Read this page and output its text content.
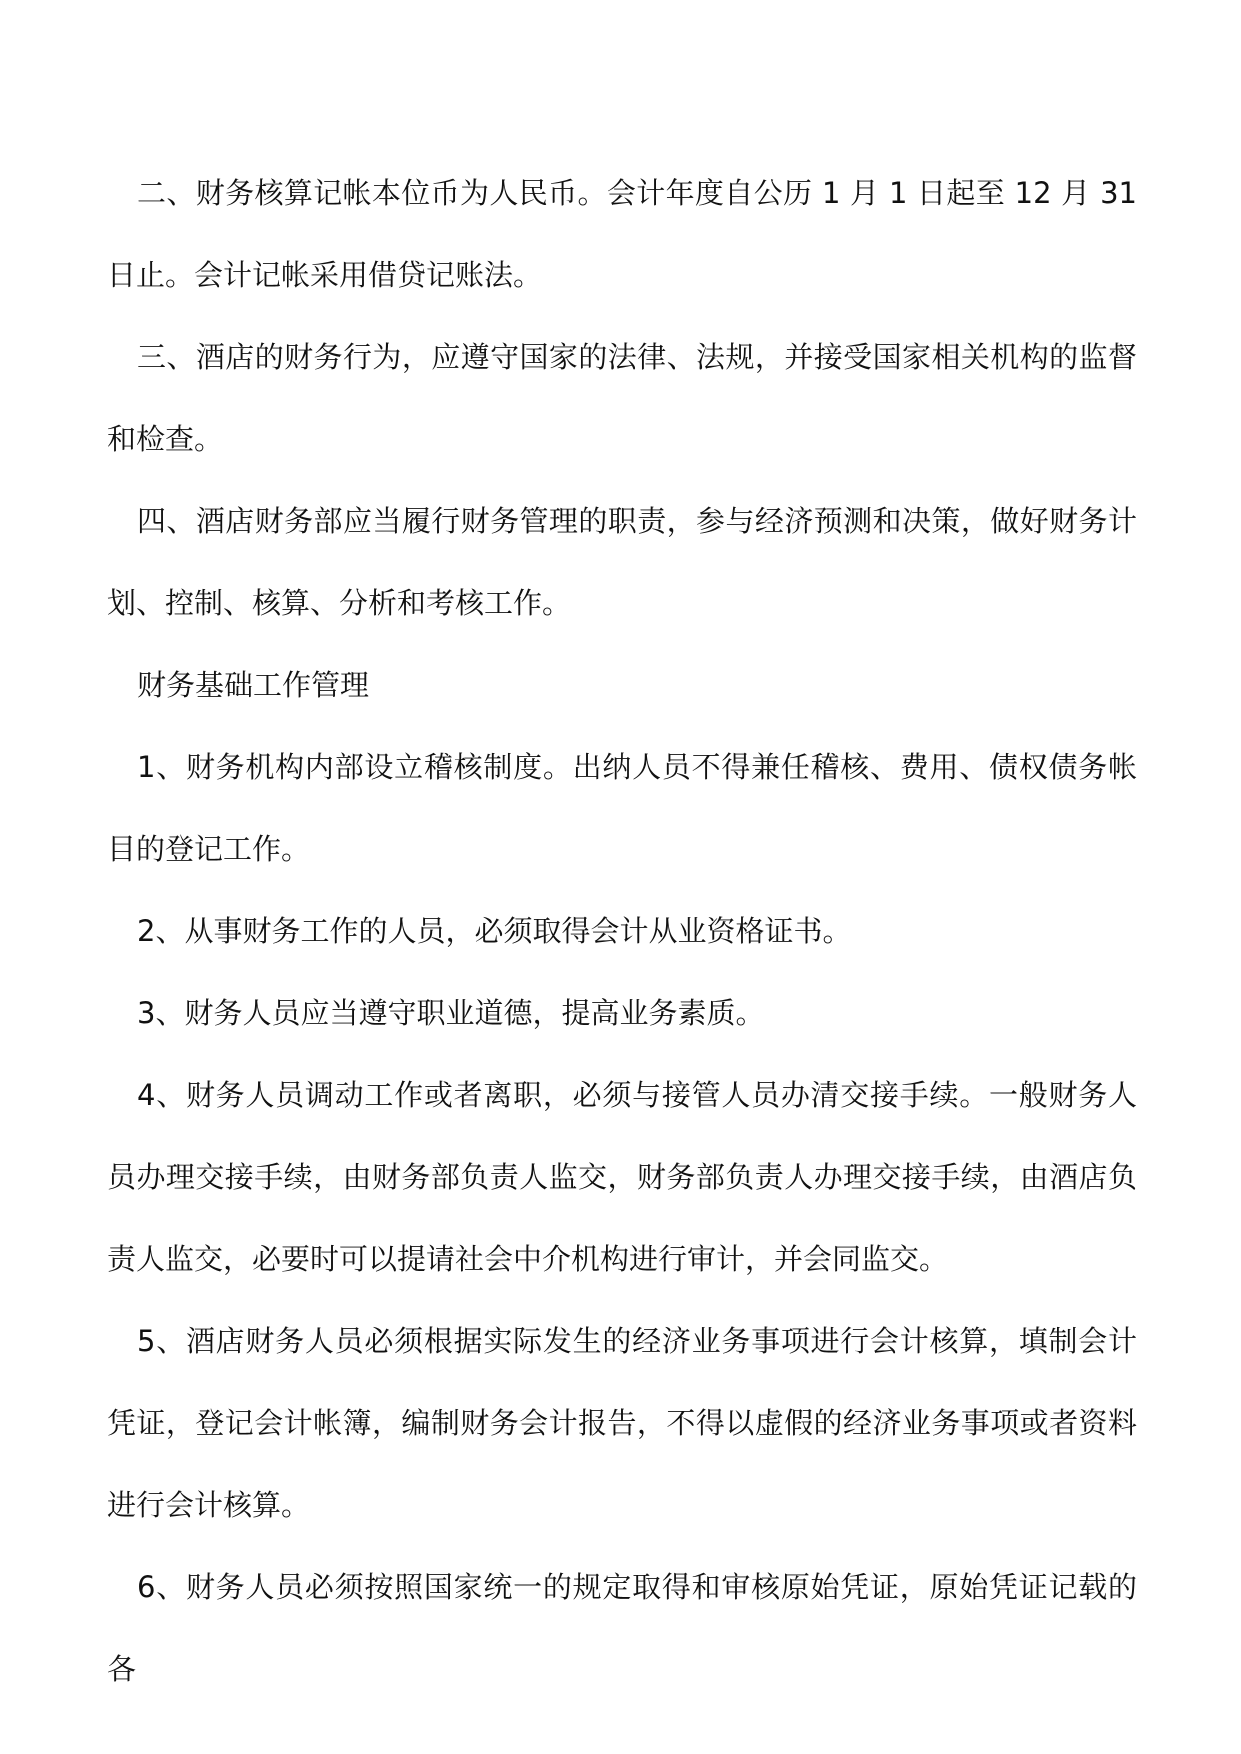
二、财务核算记帐本位币为人民币。会计年度自公历 1 月 1 日起至 12 月 31 日止。会计记帐采用借贷记账法。

三、酒店的财务行为，应遵守国家的法律、法规，并接受国家相关机构的监督和检查。

四、酒店财务部应当履行财务管理的职责，参与经济预测和决策，做好财务计划、控制、核算、分析和考核工作。

财务基础工作管理

1、财务机构内部设立稽核制度。出纳人员不得兼任稽核、费用、债权债务帐目的登记工作。

2、从事财务工作的人员，必须取得会计从业资格证书。

3、财务人员应当遵守职业道德，提高业务素质。

4、财务人员调动工作或者离职，必须与接管人员办清交接手续。一般财务人员办理交接手续，由财务部负责人监交，财务部负责人办理交接手续，由酒店负责人监交，必要时可以提请社会中介机构进行审计，并会同监交。

5、酒店财务人员必须根据实际发生的经济业务事项进行会计核算，填制会计凭证，登记会计帐簿，编制财务会计报告，不得以虚假的经济业务事项或者资料进行会计核算。

6、财务人员必须按照国家统一的规定取得和审核原始凭证，原始凭证记载的各
